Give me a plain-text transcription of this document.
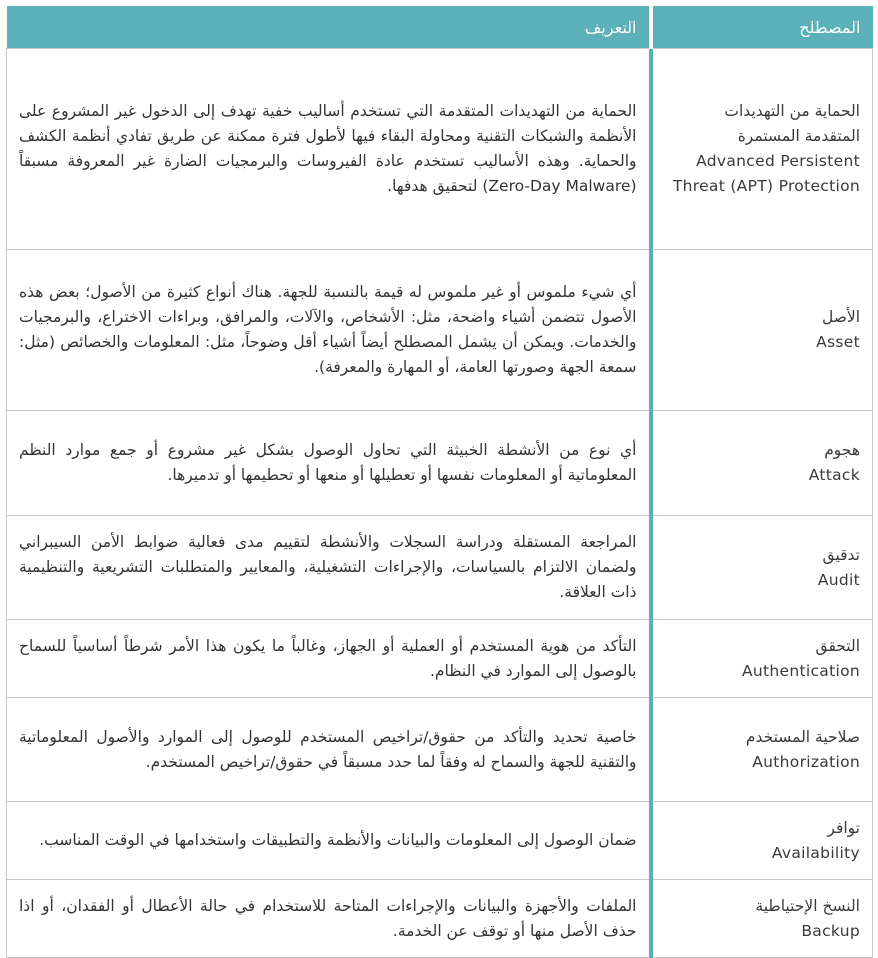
المصطلح	التعريف

الحماية من التهديدات المتقدمة المستمرة
Advanced Persistent Threat (APT) Protection	الحماية من التهديدات المتقدمة التي تستخدم أساليب خفية تهدف إلى الدخول غير المشروع على الأنظمة والشبكات التقنية ومحاولة البقاء فيها لأطول فترة ممكنة عن طريق تفادي أنظمة الكشف والحماية. وهذه الأساليب تستخدم عادة الفيروسات والبرمجيات الضارة غير المعروفة مسبقاً (Zero-Day Malware) لتحقيق هدفها.

الأصل
Asset	أي شيء ملموس أو غير ملموس له قيمة بالنسبة للجهة. هناك أنواع كثيرة من الأصول؛ بعض هذه الأصول تتضمن أشياء واضحة، مثل: الأشخاص، والآلات، والمرافق، وبراءات الاختراع، والبرمجيات والخدمات. ويمكن أن يشمل المصطلح أيضاً أشياء أقل وضوحاً، مثل: المعلومات والخصائص (مثل: سمعة الجهة وصورتها العامة، أو المهارة والمعرفة).

هجوم
Attack	أي نوع من الأنشطة الخبيثة التي تحاول الوصول بشكل غير مشروع أو جمع موارد النظم المعلوماتية أو المعلومات نفسها أو تعطيلها أو منعها أو تحطيمها أو تدميرها.

تدقيق
Audit	المراجعة المستقلة ودراسة السجلات والأنشطة لتقييم مدى فعالية ضوابط الأمن السيبراني ولضمان الالتزام بالسياسات، والإجراءات التشغيلية، والمعايير والمتطلبات التشريعية والتنظيمية ذات العلاقة.

التحقق
Authentication	التأكد من هوية المستخدم أو العملية أو الجهاز، وغالباً ما يكون هذا الأمر شرطاً أساسياً للسماح بالوصول إلى الموارد في النظام.

صلاحية المستخدم
Authorization	خاصية تحديد والتأكد من حقوق/تراخيص المستخدم للوصول إلى الموارد والأصول المعلوماتية والتقنية للجهة والسماح له وفقاً لما حدد مسبقاً في حقوق/تراخيص المستخدم.

توافر
Availability	ضمان الوصول إلى المعلومات والبيانات والأنظمة والتطبيقات واستخدامها في الوقت المناسب.

النسخ الإحتياطية
Backup	الملفات والأجهزة والبيانات والإجراءات المتاحة للاستخدام في حالة الأعطال أو الفقدان، أو اذا حذف الأصل منها أو توقف عن الخدمة.
